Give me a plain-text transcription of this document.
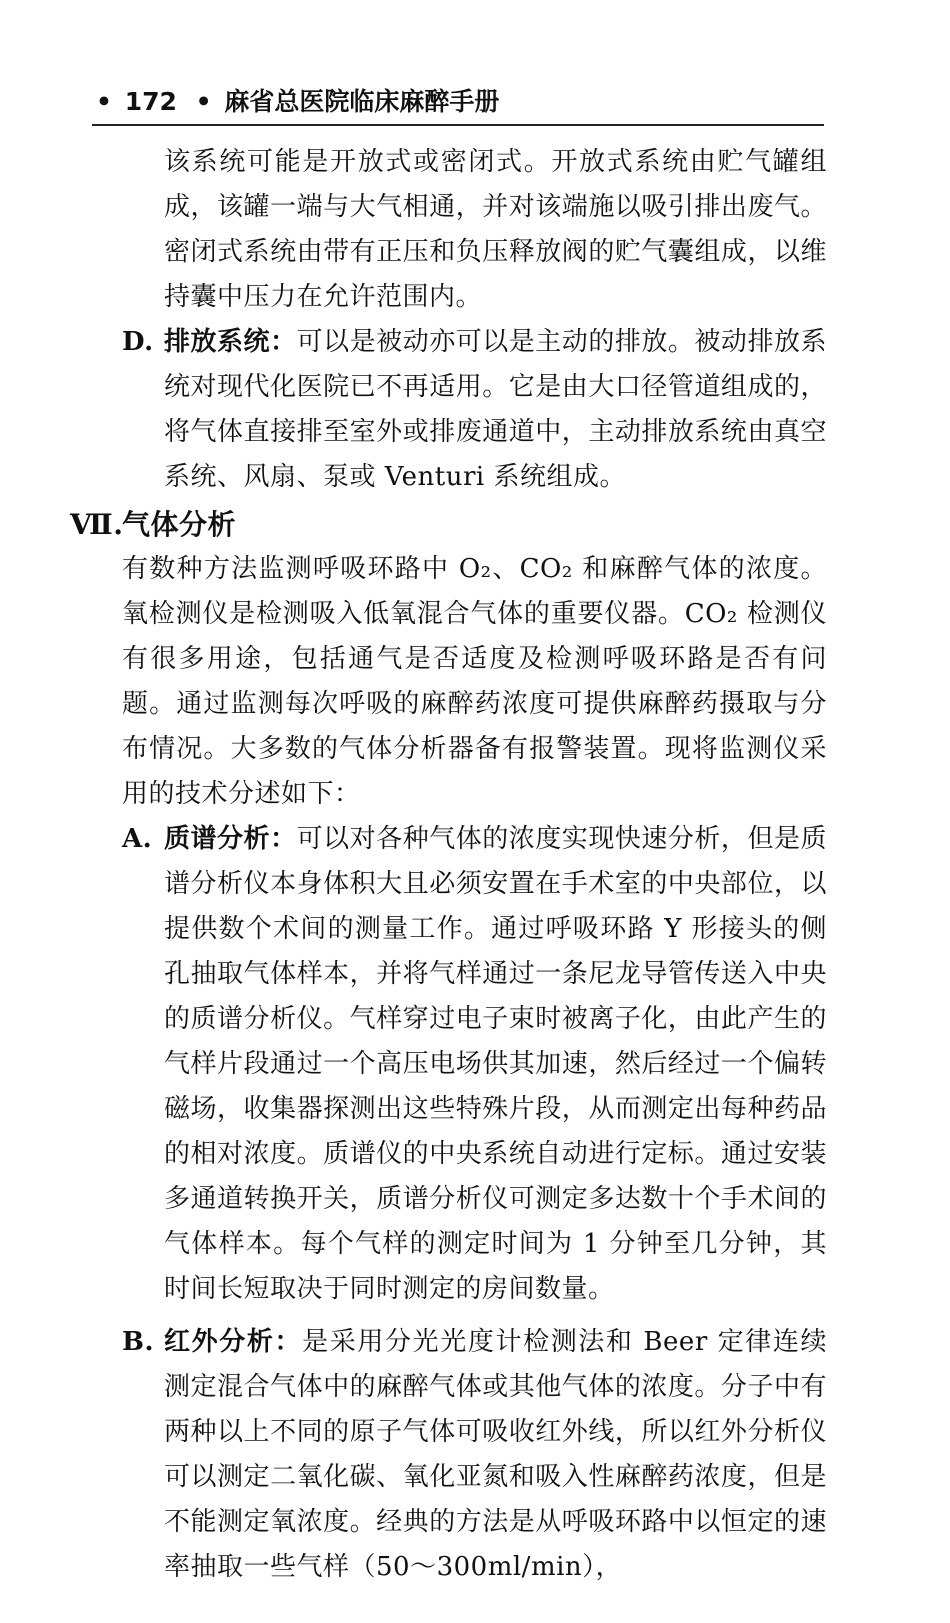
• 172 • 麻省总医院临床麻醉手册

该系统可能是开放式或密闭式。开放式系统由贮气罐组成，该罐一端与大气相通，并对该端施以吸引排出废气。密闭式系统由带有正压和负压释放阀的贮气囊组成，以维持囊中压力在允许范围内。

D. 排放系统：可以是被动亦可以是主动的排放。被动排放系统对现代化医院已不再适用。它是由大口径管道组成的，将气体直接排至室外或排废通道中，主动排放系统由真空系统、风扇、泵或 Venturi 系统组成。

Ⅶ.
气体分析

有数种方法监测呼吸环路中 O₂、CO₂ 和麻醉气体的浓度。氧检测仪是检测吸入低氧混合气体的重要仪器。CO₂ 检测仪有很多用途，包括通气是否适度及检测呼吸环路是否有问题。通过监测每次呼吸的麻醉药浓度可提供麻醉药摄取与分布情况。大多数的气体分析器备有报警装置。现将监测仪采用的技术分述如下：

A. 质谱分析：可以对各种气体的浓度实现快速分析，但是质谱分析仪本身体积大且必须安置在手术室的中央部位，以提供数个术间的测量工作。通过呼吸环路 Y 形接头的侧孔抽取气体样本，并将气样通过一条尼龙导管传送入中央的质谱分析仪。气样穿过电子束时被离子化，由此产生的气样片段通过一个高压电场供其加速，然后经过一个偏转磁场，收集器探测出这些特殊片段，从而测定出每种药品的相对浓度。质谱仪的中央系统自动进行定标。通过安装多通道转换开关，质谱分析仪可测定多达数十个手术间的气体样本。每个气样的测定时间为 1 分钟至几分钟，其时间长短取决于同时测定的房间数量。

B. 红外分析：是采用分光光度计检测法和 Beer 定律连续测定混合气体中的麻醉气体或其他气体的浓度。分子中有两种以上不同的原子气体可吸收红外线，所以红外分析仪可以测定二氧化碳、氧化亚氮和吸入性麻醉药浓度，但是不能测定氧浓度。经典的方法是从呼吸环路中以恒定的速率抽取一些气样（50～300ml/min），
